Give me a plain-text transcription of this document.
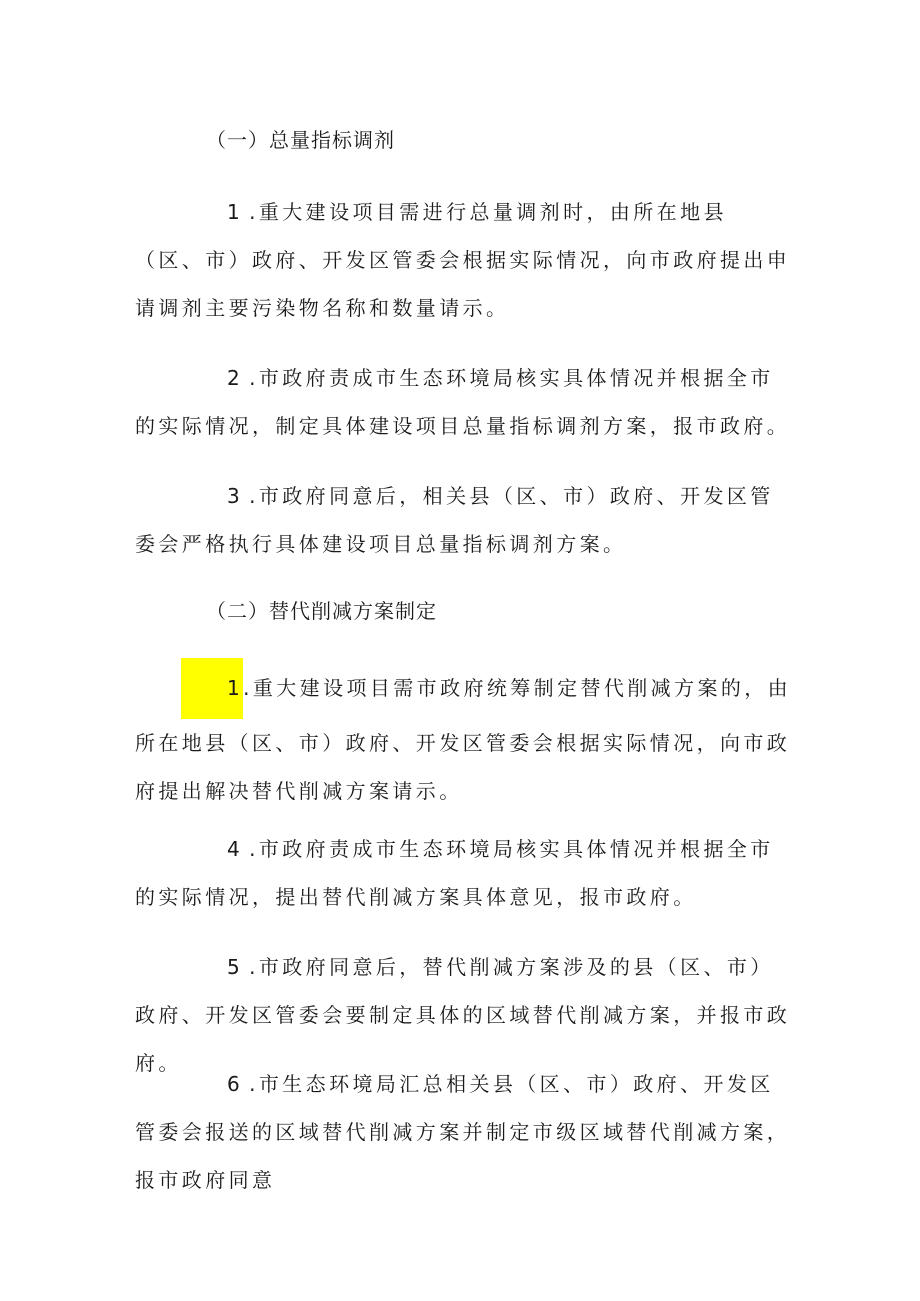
（一）总量指标调剂
1 .重大建设项目需进行总量调剂时，由所在地县（区、市）政府、开发区管委会根据实际情况，向市政府提出申请调剂主要污染物名称和数量请示。
2 .市政府责成市生态环境局核实具体情况并根据全市的实际情况，制定具体建设项目总量指标调剂方案，报市政府。
3 .市政府同意后，相关县（区、市）政府、开发区管委会严格执行具体建设项目总量指标调剂方案。
（二）替代削减方案制定
1.重大建设项目需市政府统筹制定替代削减方案的，由所在地县（区、市）政府、开发区管委会根据实际情况，向市政府提出解决替代削减方案请示。
4 .市政府责成市生态环境局核实具体情况并根据全市的实际情况，提出替代削减方案具体意见，报市政府。
5 .市政府同意后，替代削减方案涉及的县（区、市）政府、开发区管委会要制定具体的区域替代削减方案，并报市政府。
6 .市生态环境局汇总相关县（区、市）政府、开发区管委会报送的区域替代削减方案并制定市级区域替代削减方案，报市政府同意
